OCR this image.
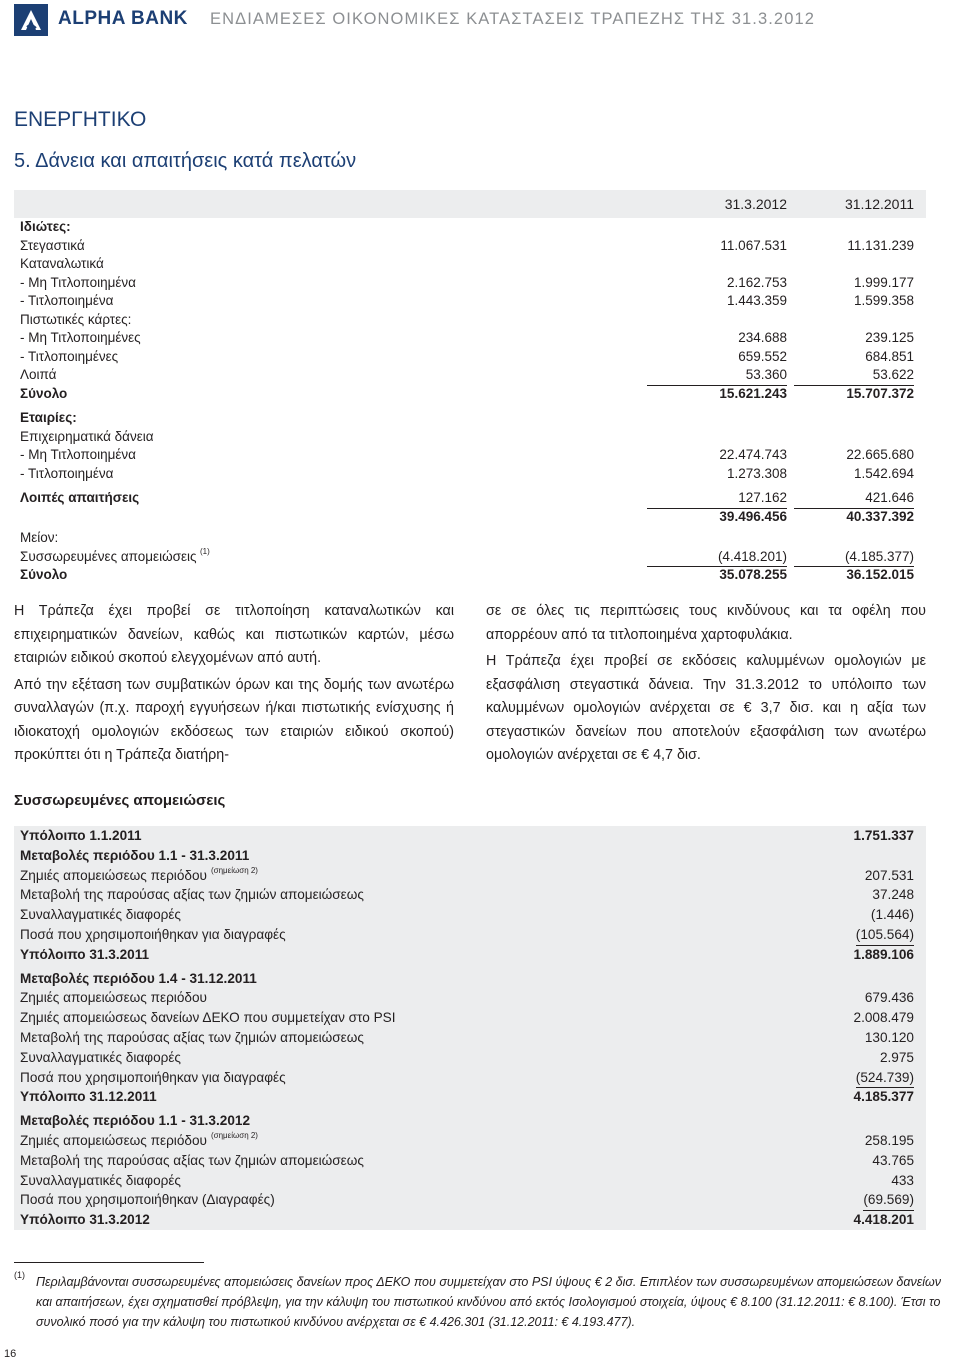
ALPHA BANK ΕΝΔΙΑΜΕΣΕΣ ΟΙΚΟΝΟΜΙΚΕΣ ΚΑΤΑΣΤΑΣΕΙΣ ΤΡΑΠΕΖΗΣ ΤΗΣ 31.3.2012
ΕΝΕΡΓΗΤΙΚΟ
5. Δάνεια και απαιτήσεις κατά πελατών
31.3.2012	31.12.2011
Ιδιώτες:
Στεγαστικά	11.067.531	11.131.239
Καταναλωτικά
- Μη Τιτλοποιημένα	2.162.753	1.999.177
- Τιτλοποιημένα	1.443.359	1.599.358
Πιστωτικές κάρτες:
- Μη Τιτλοποιημένες	234.688	239.125
- Τιτλοποιημένες	659.552	684.851
Λοιπά	53.360	53.622
Σύνολο	15.621.243	15.707.372
Εταιρίες:
Επιχειρηματικά δάνεια
- Μη Τιτλοποιημένα	22.474.743	22.665.680
- Τιτλοποιημένα	1.273.308	1.542.694
Λοιπές απαιτήσεις	127.162	421.646
39.496.456	40.337.392
Μείον:
Συσσωρευμένες απομειώσεις (1)	(4.418.201)	(4.185.377)
Σύνολο	35.078.255	36.152.015

Η Τράπεζα έχει προβεί σε τιτλοποίηση καταναλωτικών και επιχειρηματικών δανείων, καθώς και πιστωτικών καρτών, μέσω εταιριών ειδικού σκοπού ελεγχομένων από αυτή.

Από την εξέταση των συμβατικών όρων και της δομής των ανωτέρω συναλλαγών (π.χ. παροχή εγγυήσεων ή/και πιστωτικής ενίσχυσης ή ιδιοκατοχή ομολογιών εκδόσεως των εταιριών ειδικού σκοπού) προκύπτει ότι η Τράπεζα διατήρη-

σε σε όλες τις περιπτώσεις τους κινδύνους και τα οφέλη που απορρέουν από τα τιτλοποιημένα χαρτοφυλάκια.

Η Τράπεζα έχει προβεί σε εκδόσεις καλυμμένων ομολογιών με εξασφάλιση στεγαστικά δάνεια. Την 31.3.2012 το υπόλοιπο των καλυμμένων ομολογιών ανέρχεται σε € 3,7 δισ. και η αξία των στεγαστικών δανείων που αποτελούν εξασφάλιση των ανωτέρω ομολογιών ανέρχεται σε € 4,7 δισ.

Συσσωρευμένες απομειώσεις
Υπόλοιπο 1.1.2011	1.751.337
Μεταβολές περιόδου 1.1 - 31.3.2011
Ζημιές απομειώσεως περιόδου (σημείωση 2)	207.531
Μεταβολή της παρούσας αξίας των ζημιών απομειώσεως	37.248
Συναλλαγματικές διαφορές	(1.446)
Ποσά που χρησιμοποιήθηκαν για διαγραφές	(105.564)
Υπόλοιπο 31.3.2011	1.889.106
Μεταβολές περιόδου 1.4 - 31.12.2011
Ζημιές απομειώσεως περιόδου	679.436
Ζημιές απομειώσεως δανείων ΔΕΚΟ που συμμετείχαν στο PSI	2.008.479
Μεταβολή της παρούσας αξίας των ζημιών απομειώσεως	130.120
Συναλλαγματικές διαφορές	2.975
Ποσά που χρησιμοποιήθηκαν για διαγραφές	(524.739)
Υπόλοιπο 31.12.2011	4.185.377
Μεταβολές περιόδου 1.1 - 31.3.2012
Ζημιές απομειώσεως περιόδου (σημείωση 2)	258.195
Μεταβολή της παρούσας αξίας των ζημιών απομειώσεως	43.765
Συναλλαγματικές διαφορές	433
Ποσά που χρησιμοποιήθηκαν (Διαγραφές)	(69.569)
Υπόλοιπο 31.3.2012	4.418.201
(1) Περιλαμβάνονται συσσωρευμένες απομειώσεις δανείων προς ΔΕΚΟ που συμμετείχαν στο PSI ύψους € 2 δισ. Επιπλέον των συσσωρευμένων απομειώσεων δανείων και απαιτήσεων, έχει σχηματισθεί πρόβλεψη, για την κάλυψη του πιστωτικού κινδύνου από εκτός Ισολογισμού στοιχεία, ύψους € 8.100 (31.12.2011: € 8.100). Έτσι το συνολικό ποσό για την κάλυψη του πιστωτικού κινδύνου ανέρχεται σε € 4.426.301 (31.12.2011: € 4.193.477).
16
